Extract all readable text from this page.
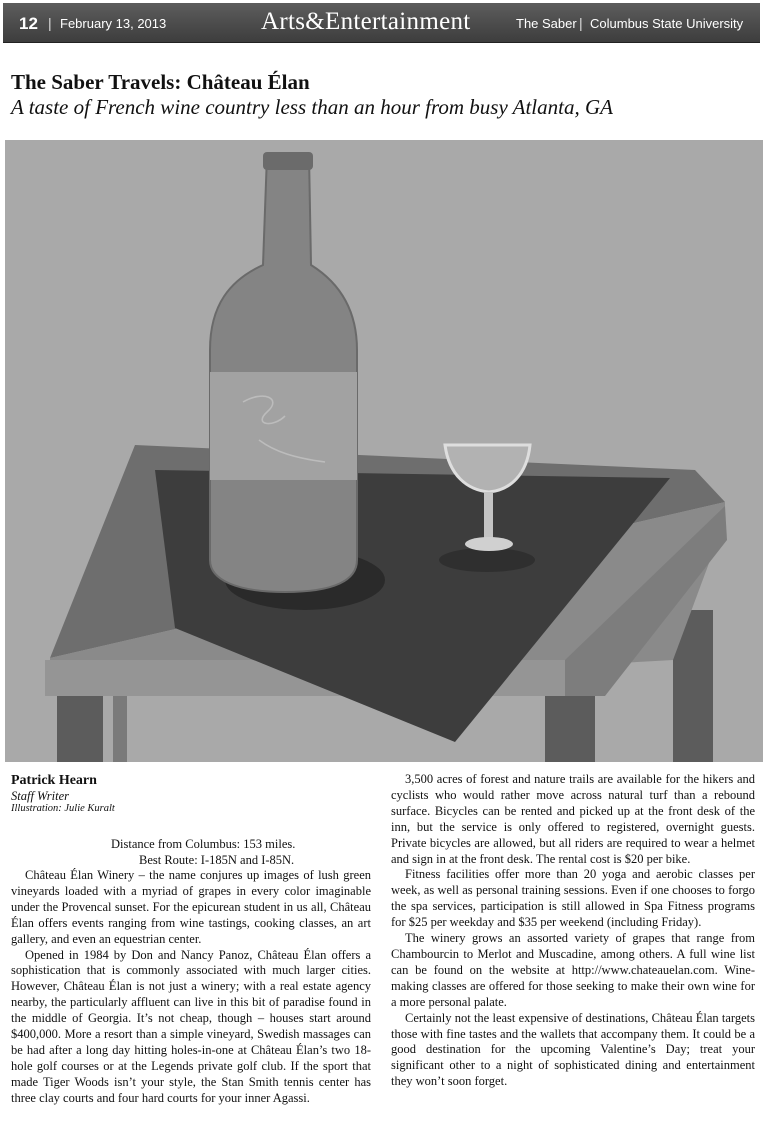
12 | February 13, 2013	Arts&Entertainment	The Saber | Columbus State University
The Saber Travels: Château Élan
A taste of French wine country less than an hour from busy Atlanta, GA
Patrick Hearn
Staff Writer
Illustration: Julie Kuralt
Distance from Columbus: 153 miles.
Best Route: I-185N and I-85N.

Château Élan Winery – the name conjures up images of lush green vineyards loaded with a myriad of grapes in every color imaginable under the Provencal sunset. For the epicurean student in us all, Château Élan offers events ranging from wine tastings, cooking classes, an art gallery, and even an equestrian center.

Opened in 1984 by Don and Nancy Panoz, Château Élan offers a sophistication that is commonly associated with much larger cities. However, Château Élan is not just a winery; with a real estate agency nearby, the particularly affluent can live in this bit of paradise found in the middle of Georgia. It’s not cheap, though – houses start around $400,000. More a resort than a simple vineyard, Swedish massages can be had after a long day hitting holes-in-one at Château Élan’s two 18-hole golf courses or at the Legends private golf club. If the sport that made Tiger Woods isn’t your style, the Stan Smith tennis center has three clay courts and four hard courts for your inner Agassi.

3,500 acres of forest and nature trails are available for the hikers and cyclists who would rather move across natural turf than a rebound surface. Bicycles can be rented and picked up at the front desk of the inn, but the service is only offered to registered, overnight guests. Private bicycles are allowed, but all riders are required to wear a helmet and sign in at the front desk. The rental cost is $20 per bike.

Fitness facilities offer more than 20 yoga and aerobic classes per week, as well as personal training sessions. Even if one chooses to forgo the spa services, participation is still allowed in Spa Fitness programs for $25 per weekday and $35 per weekend (including Friday).

The winery grows an assorted variety of grapes that range from Chambourcin to Merlot and Muscadine, among others. A full wine list can be found on the website at http://www.chateauelan.com. Wine-making classes are offered for those seeking to make their own wine for a more personal palate.

Certainly not the least expensive of destinations, Château Élan targets those with fine tastes and the wallets that accompany them. It could be a good destination for the upcoming Valentine’s Day; treat your significant other to a night of sophisticated dining and entertainment they won’t soon forget.
